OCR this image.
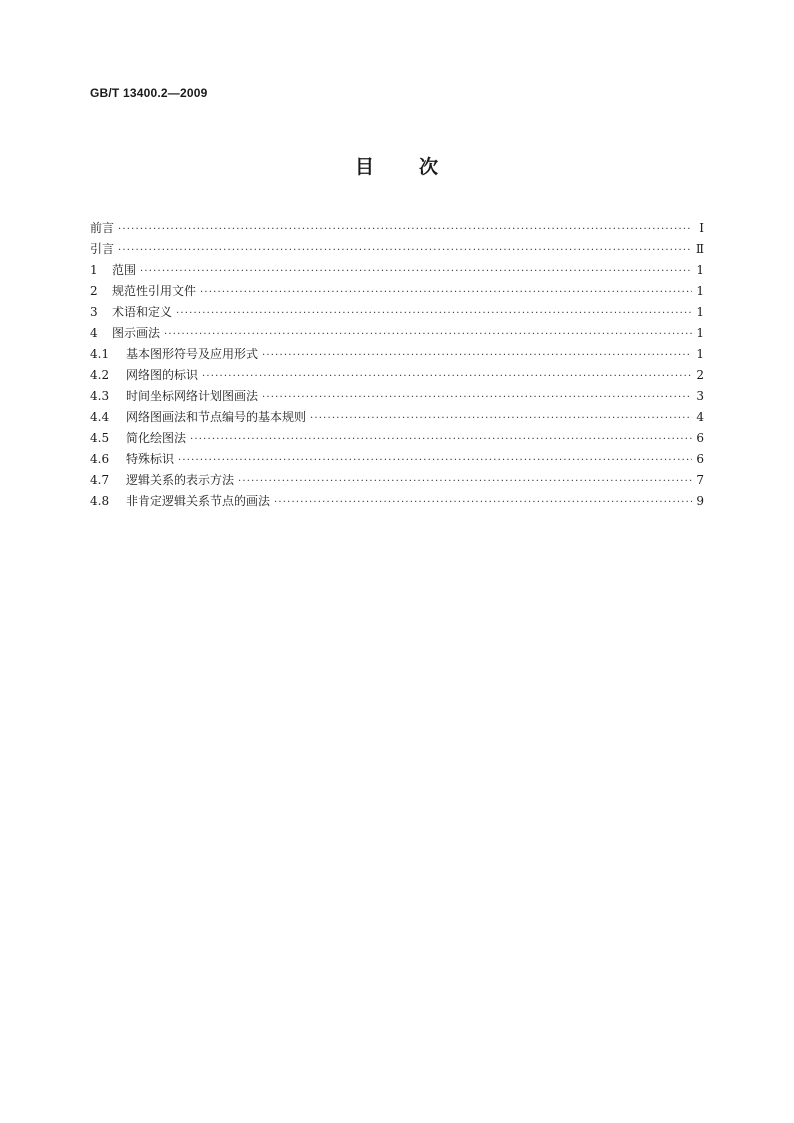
GB/T 13400.2—2009
目 次
前言 ·····	Ⅰ
引言 ·····	Ⅱ
1	范围 ·····	1
2	规范性引用文件 ·····	1
3	术语和定义 ·····	1
4	图示画法 ·····	1
4.1	基本图形符号及应用形式 ·····	1
4.2	网络图的标识 ·····	2
4.3	时间坐标网络计划图画法 ·····	3
4.4	网络图画法和节点编号的基本规则 ·····	4
4.5	简化绘图法 ·····	6
4.6	特殊标识 ·····	6
4.7	逻辑关系的表示方法 ·····	7
4.8	非肯定逻辑关系节点的画法 ·····	9
